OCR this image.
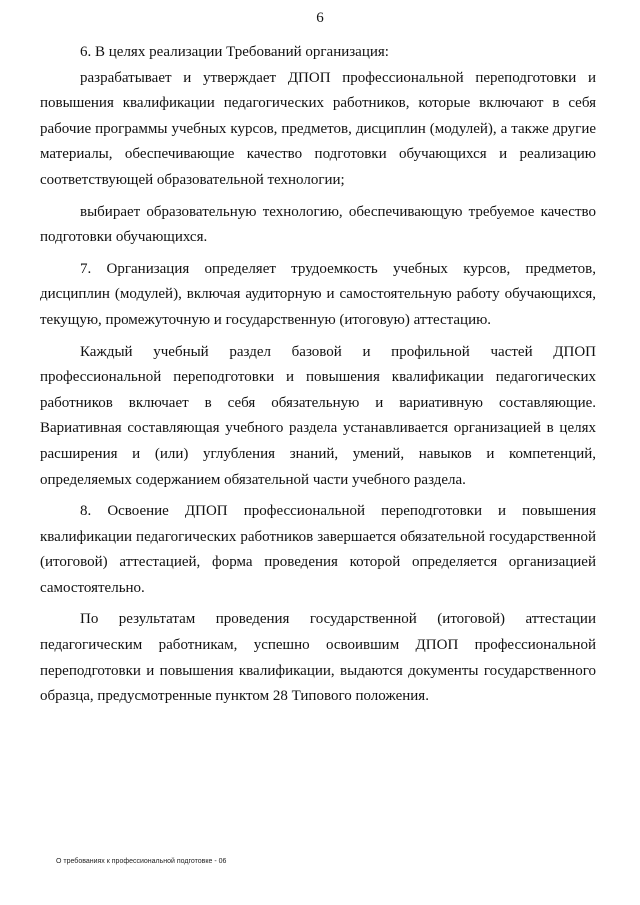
6

6. В целях реализации Требований организация:

разрабатывает и утверждает ДПОП профессиональной переподготовки и повышения квалификации педагогических работников, которые включают в себя рабочие программы учебных курсов, предметов, дисциплин (модулей), а также другие материалы, обеспечивающие качество подготовки обучающихся и реализацию соответствующей образовательной технологии;

выбирает образовательную технологию, обеспечивающую требуемое качество подготовки обучающихся.

7. Организация определяет трудоемкость учебных курсов, предметов, дисциплин (модулей), включая аудиторную и самостоятельную работу обучающихся, текущую, промежуточную и государственную (итоговую) аттестацию.

Каждый учебный раздел базовой и профильной частей ДПОП профессиональной переподготовки и повышения квалификации педагогических работников включает в себя обязательную и вариативную составляющие. Вариативная составляющая учебного раздела устанавливается организацией в целях расширения и (или) углубления знаний, умений, навыков и компетенций, определяемых содержанием обязательной части учебного раздела.

8. Освоение ДПОП профессиональной переподготовки и повышения квалификации педагогических работников завершается обязательной государственной (итоговой) аттестацией, форма проведения которой определяется организацией самостоятельно.

По результатам проведения государственной (итоговой) аттестации педагогическим работникам, успешно освоившим ДПОП профессиональной переподготовки и повышения квалификации, выдаются документы государственного образца, предусмотренные пунктом 28 Типового положения.

О требованиях к профессиональной подготовке - 06
